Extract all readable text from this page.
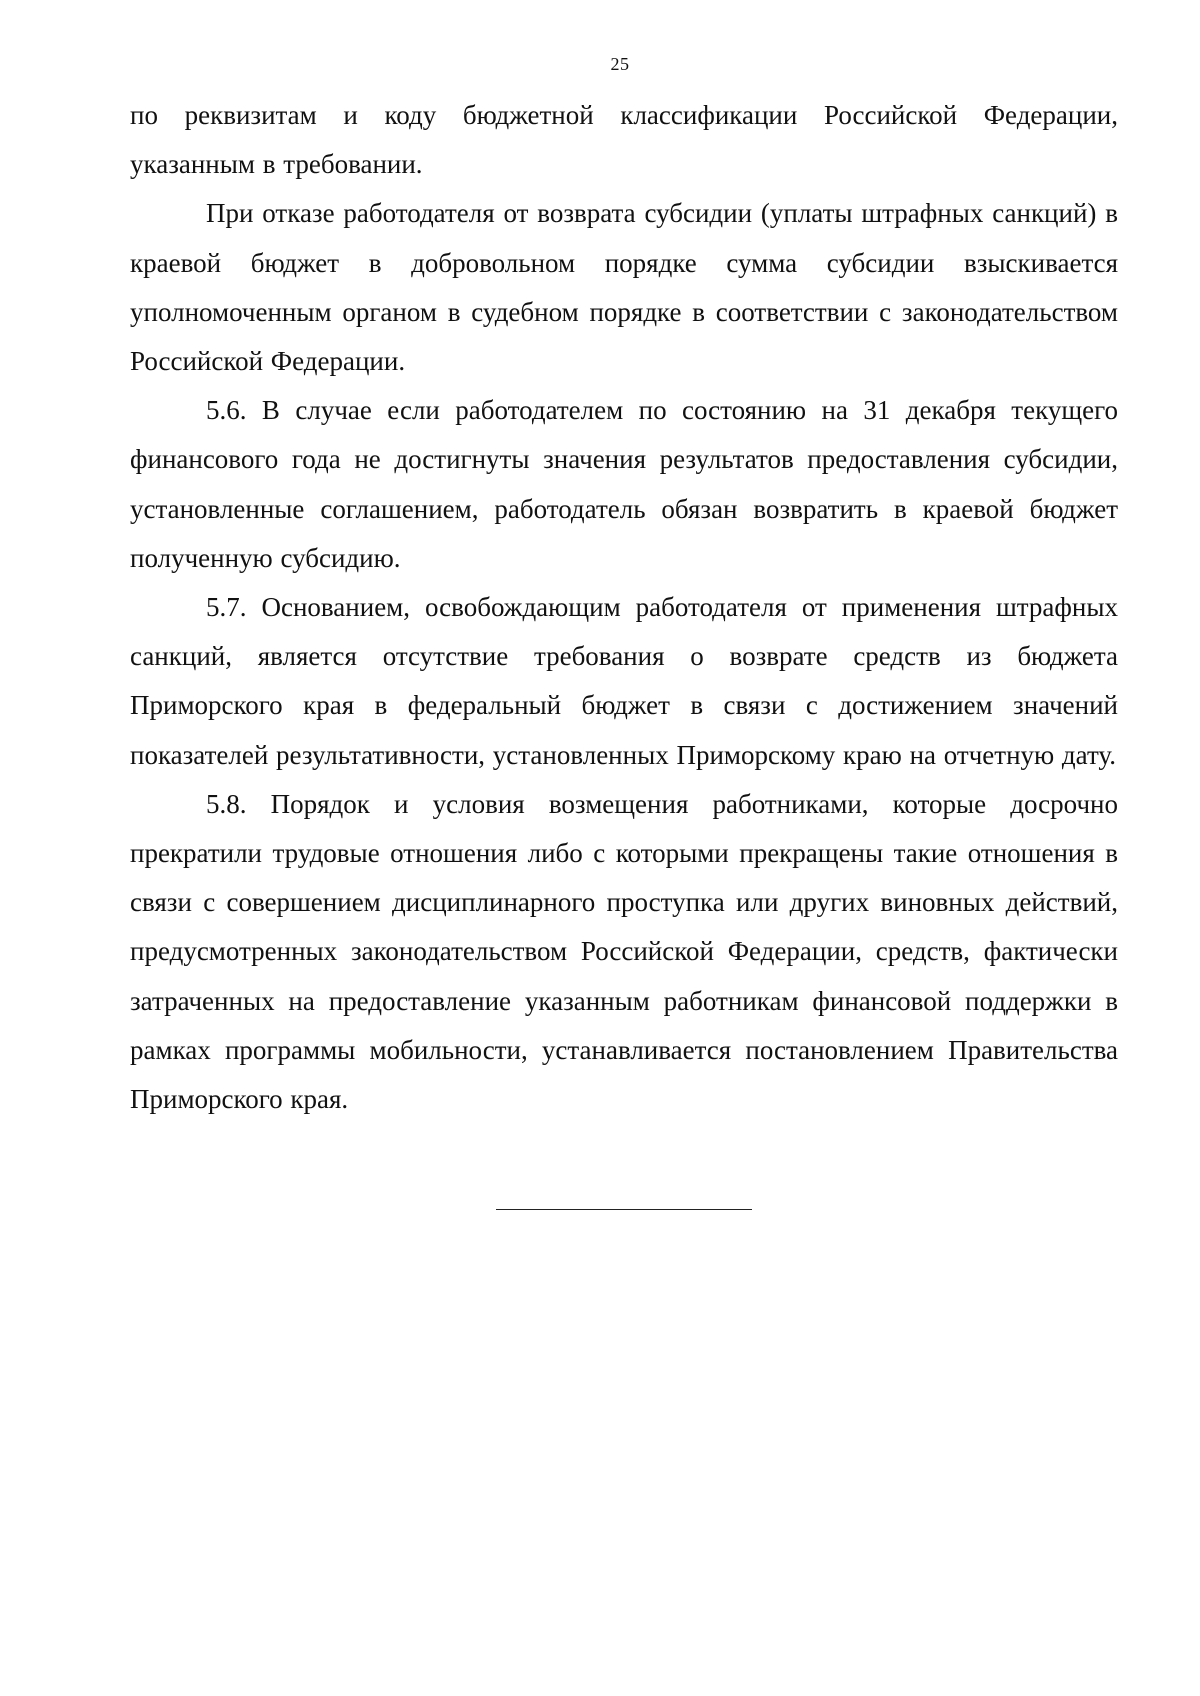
25

по реквизитам и коду бюджетной классификации Российской Федерации, указанным в требовании.

При отказе работодателя от возврата субсидии (уплаты штрафных санкций) в краевой бюджет в добровольном порядке сумма субсидии взыскивается уполномоченным органом в судебном порядке в соответствии с законодательством Российской Федерации.

5.6. В случае если работодателем по состоянию на 31 декабря текущего финансового года не достигнуты значения результатов предоставления субсидии, установленные соглашением, работодатель обязан возвратить в краевой бюджет полученную субсидию.

5.7. Основанием, освобождающим работодателя от применения штрафных санкций, является отсутствие требования о возврате средств из бюджета Приморского края в федеральный бюджет в связи с достижением значений показателей результативности, установленных Приморскому краю на отчетную дату.

5.8. Порядок и условия возмещения работниками, которые досрочно прекратили трудовые отношения либо с которыми прекращены такие отношения в связи с совершением дисциплинарного проступка или других виновных действий, предусмотренных законодательством Российской Федерации, средств, фактически затраченных на предоставление указанным работникам финансовой поддержки в рамках программы мобильности, устанавливается постановлением Правительства Приморского края.
